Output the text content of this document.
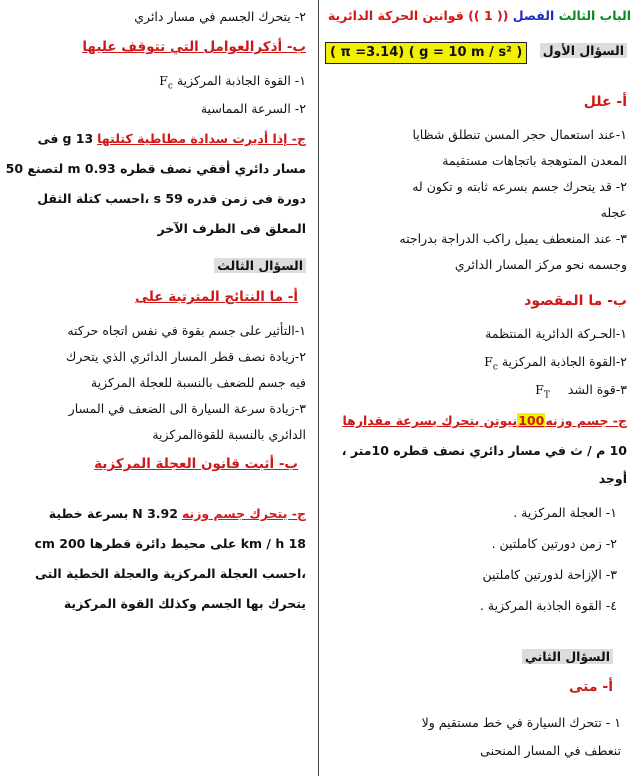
الباب الثالث الفصل (( 1 )) قوانين الحركة الدائرية
السؤال الأول
( π =3.14) ( g = 10 m / s² )
أ- علل
١-عند استعمال حجر المسن تنطلق شظايا
المعدن المتوهجة باتجاهات مستقيمة
٢- قد يتحرك جسم بسرعه ثابته و تكون له
عجله
٣- عند المنعطف يميل راكب الدراجة بدراجته
وجسمه نحو مركز المسار الدائري
ب- ما المقصود
١-الحـركة الدائرية المنتظمة
٢-القوة الجاذبة المركزية $F_c$
٣-قوة الشد $F_T$
ج- جسم وزنه100نيوتن يتحرك بسرعة مقدارها
10 م / ث في مسار دائري نصف قطره 10متر ،
أوجد
١- العجلة المركزية .
٢- زمن دورتين كاملتين .
٣- الإزاحة لدورتين كاملتين
٤- القوة الجاذبة المركزية .
السؤال الثاني
أ- متى
١ - تتحرك السيارة في خط مستقيم ولا
تنعطف في المسار المنحنى
٢- يتحرك الجسم في مسار دائري
ب- أذكرالعوامل التي تتوقف عليها
١- القوة الجاذبة المركزية $F_c$
٢- السرعة المماسية
ج- إذا أديرت سدادة مطاطية كتلتها 13 g فى
مسار دائري أفقي نصف قطره 0.93 m لتصنع 50
دورة فى زمن قدره 59 s ،احسب كتلة الثقل
المعلق فى الطرف الآخر
السؤال الثالث
أ- ما النتائج المترتبة على
١-التأثير على جسم بقوة في نفس اتجاه حركته
٢-زيادة نصف قطر المسار الدائري الذي يتحرك
فيه جسم للضعف بالنسبة للعجلة المركزية
٣-زيادة سرعة السيارة الى الضعف في المسار
الدائري بالنسبة للقوةالمركزية
ب- أثبت قانون العجلة المركزية
ج- يتحرك جسم وزنه 3.92 N بسرعة خطية
18 km / h على محيط دائرة قطرها 200 cm
،احسب العجلة المركزية والعجلة الخطية التى
يتحرك بها الجسم وكذلك القوة المركزية
